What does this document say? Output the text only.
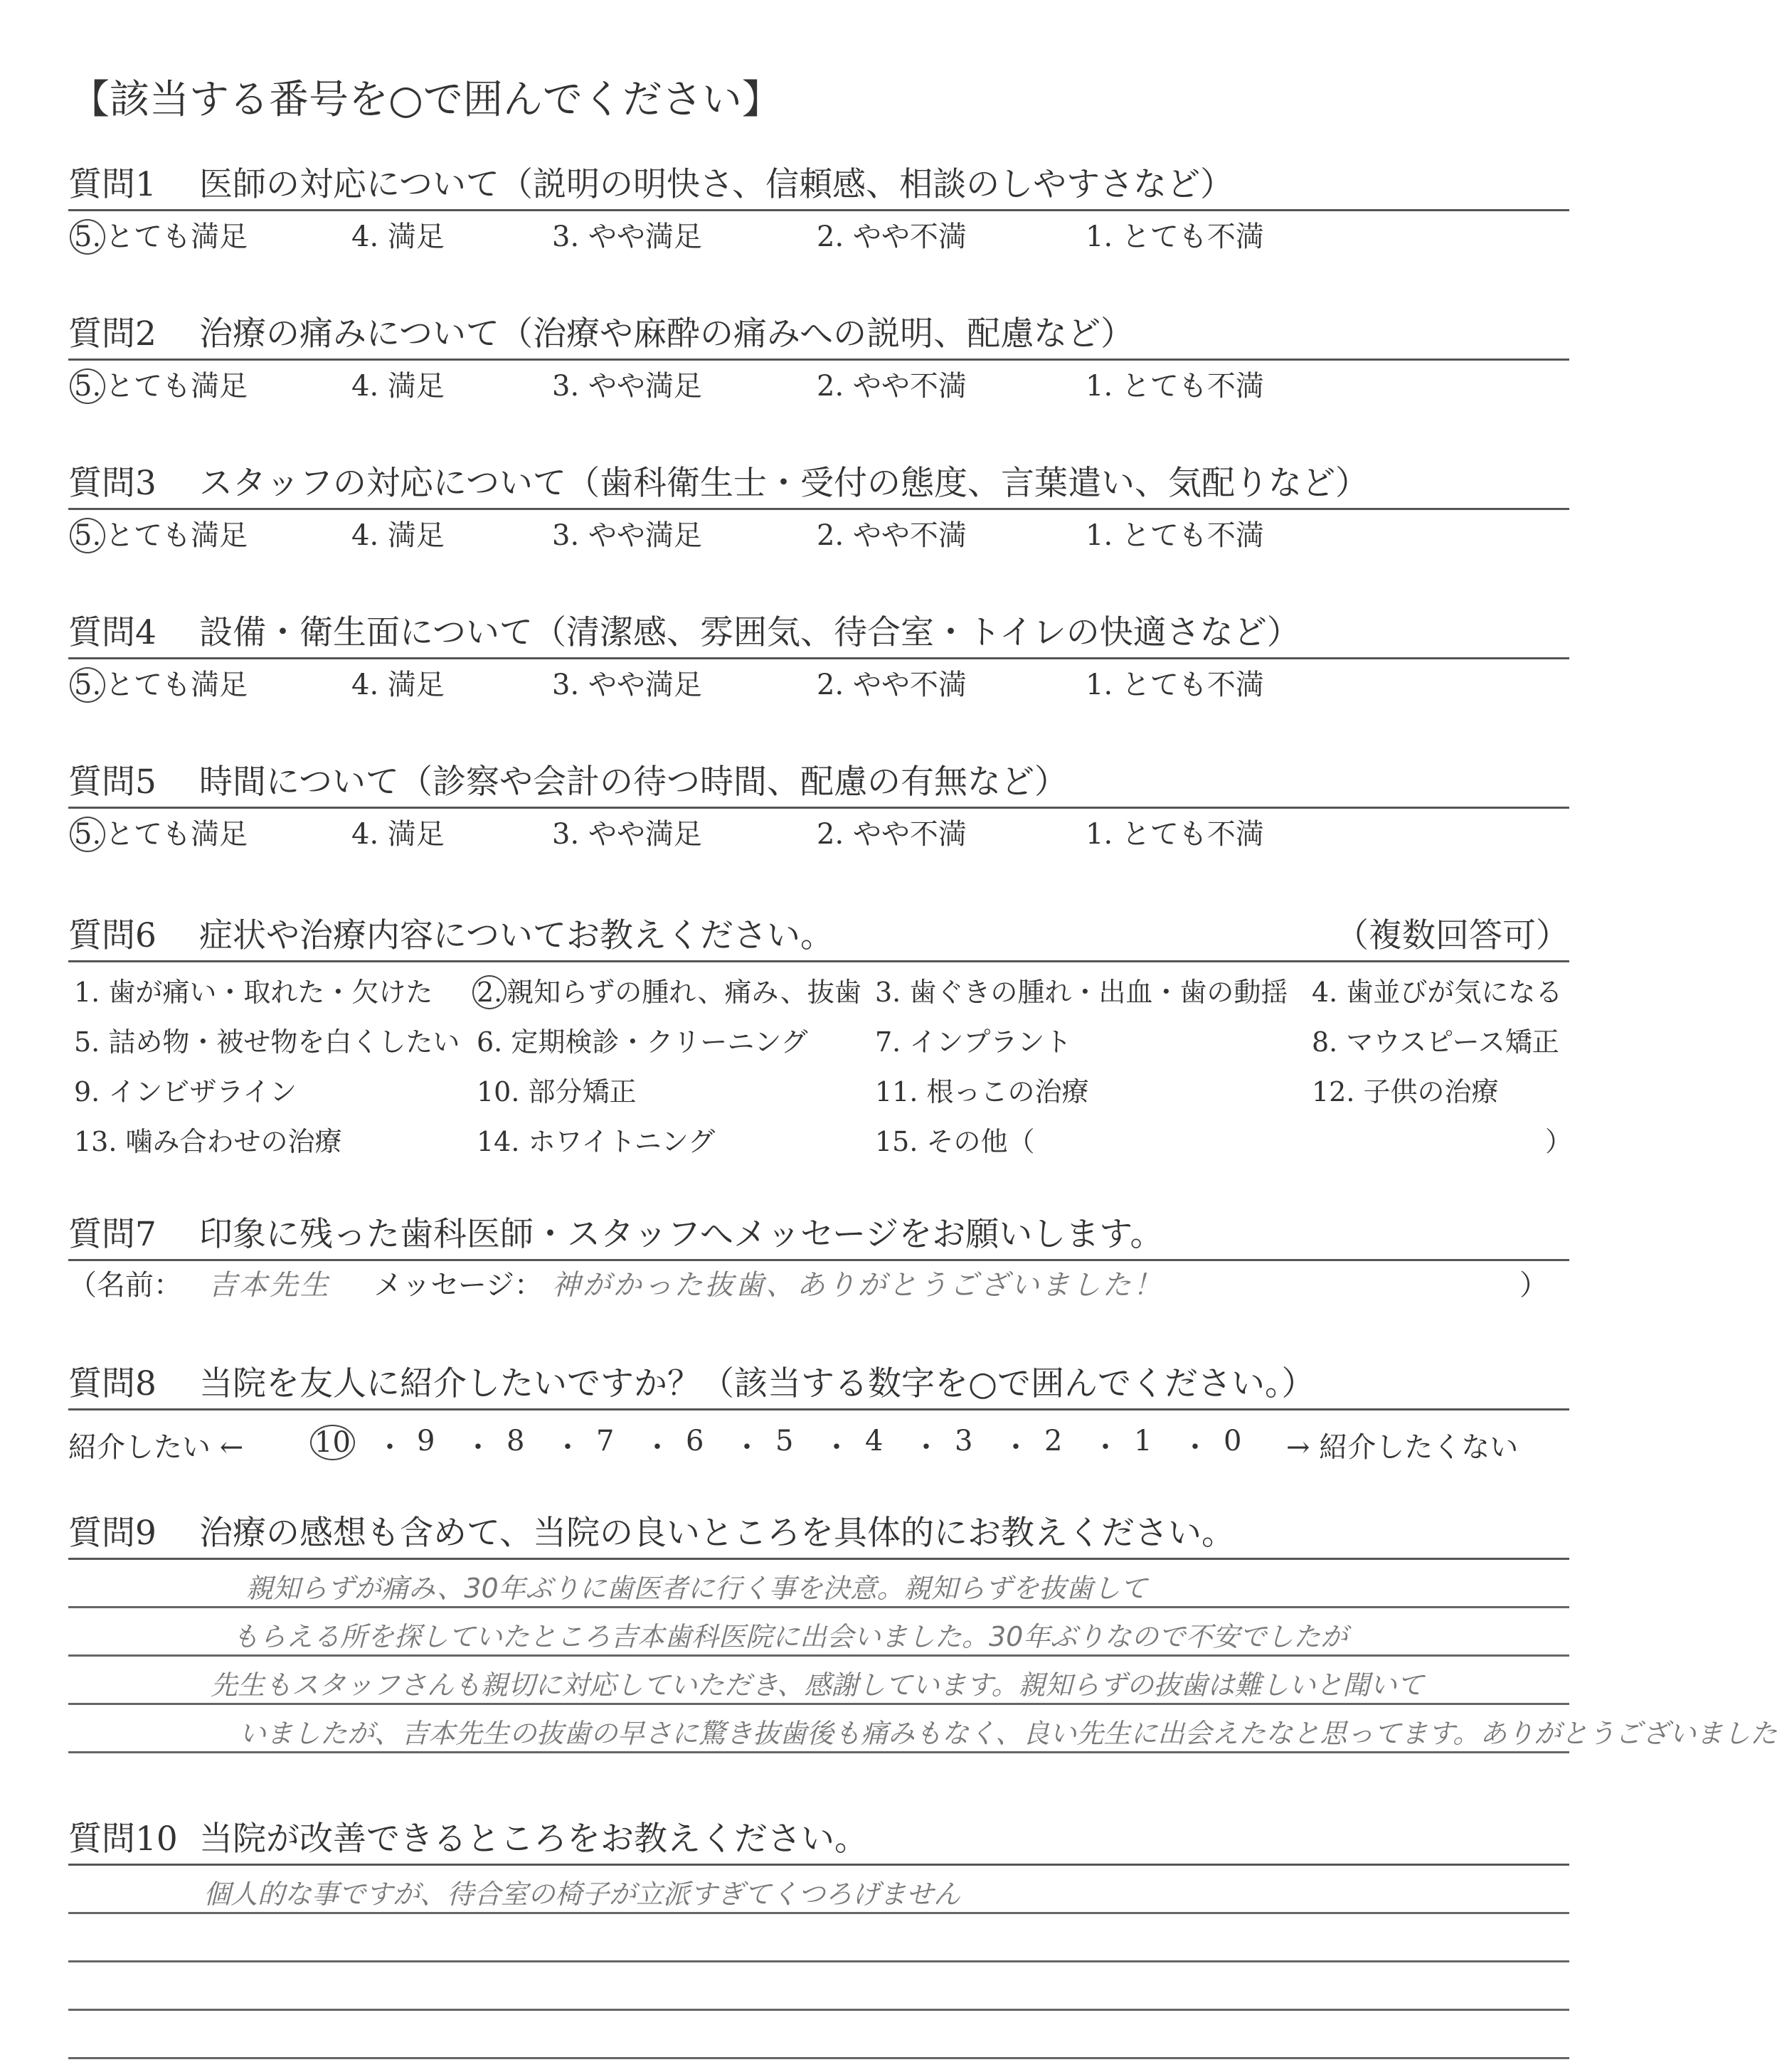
【該当する番号を○で囲んでください】
質問1 医師の対応について（説明の明快さ、信頼感、相談のしやすさなど）
5. とても満足	4. 満足	3. やや満足	2. やや不満	1. とても不満
質問2 治療の痛みについて（治療や麻酔の痛みへの説明、配慮など）
5. とても満足	4. 満足	3. やや満足	2. やや不満	1. とても不満
質問3 スタッフの対応について（歯科衛生士・受付の態度、言葉遣い、気配りなど）
5. とても満足	4. 満足	3. やや満足	2. やや不満	1. とても不満
質問4 設備・衛生面について（清潔感、雰囲気、待合室・トイレの快適さなど）
5. とても満足	4. 満足	3. やや満足	2. やや不満	1. とても不満
質問5 時間について（診察や会計の待つ時間、配慮の有無など）
5. とても満足	4. 満足	3. やや満足	2. やや不満	1. とても不満
質問6 症状や治療内容についてお教えください。	（複数回答可）
1. 歯が痛い・取れた・欠けた 2. 親知らずの腫れ、痛み、抜歯 3. 歯ぐきの腫れ・出血・歯の動揺 4. 歯並びが気になる
5. 詰め物・被せ物を白くしたい 6. 定期検診・クリーニング 7. インプラント	8. マウスピース矯正
9. インビザライン	10. 部分矯正	11. 根っこの治療	12. 子供の治療
13. 噛み合わせの治療	14. ホワイトニング	15. その他（	）
質問7 印象に残った歯科医師・スタッフへメッセージをお願いします。
（名前： 吉本先生 メッセージ： 神がかった抜歯、ありがとうございました！	）
質問8 当院を友人に紹介したいですか？（該当する数字を○で囲んでください。）
紹介したい ← 10 ・ 9 ・ 8 ・ 7 ・ 6 ・ 5 ・ 4 ・ 3 ・ 2 ・ 1 ・ 0 → 紹介したくない
質問9 治療の感想も含めて、当院の良いところを具体的にお教えください。
親知らずが痛み、30年ぶりに歯医者に行く事を決意。親知らずを抜歯して
もらえる所を探していたところ吉本歯科医院に出会いました。30年ぶりなので不安でしたが
先生もスタッフさんも親切に対応していただき、感謝しています。親知らずの抜歯は難しいと聞いて
いましたが、吉本先生の抜歯の早さに驚き抜歯後も痛みもなく、良い先生に出会えたなと思ってます。ありがとうございました
質問10 当院が改善できるところをお教えください。
個人的な事ですが、待合室の椅子が立派すぎてくつろげません
